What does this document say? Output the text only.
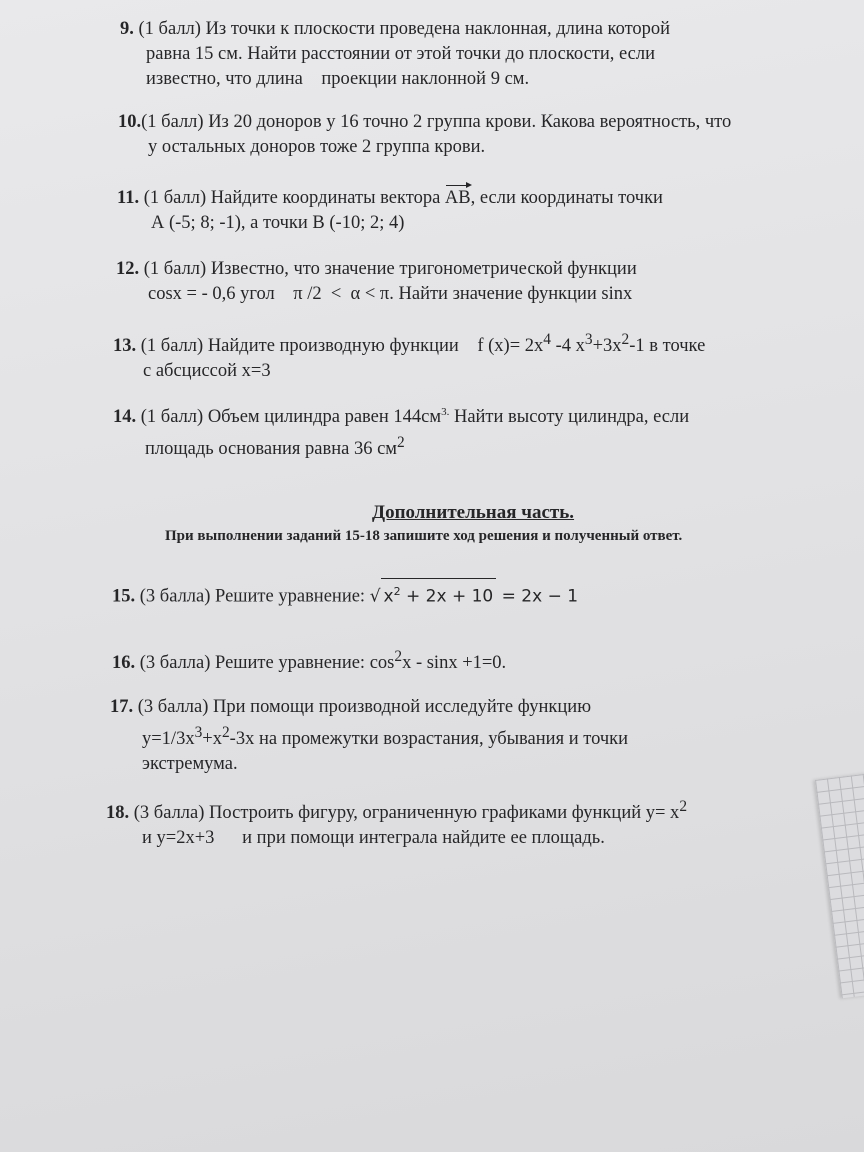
9. (1 балл) Из точки к плоскости проведена наклонная, длина которой
равна 15 см. Найти расстоянии от этой точки до плоскости, если
известно, что длина    проекции наклонной 9 см.
10.(1 балл) Из 20 доноров у 16 точно 2 группа крови. Какова вероятность, что
у остальных доноров тоже 2 группа крови.
11. (1 балл) Найдите координаты вектора AB, если координаты точки
А (-5; 8; -1), а точки В (-10; 2; 4)
12. (1 балл) Известно, что значение тригонометрической функции
cosx = - 0,6 угол    π /2  <  α < π. Найти значение функции sinx
13. (1 балл) Найдите производную функции    f $(x)= 2x^4$ -4 $x^3+3x^2-1$ в точке
с абсциссой х=3
14. (1 балл) Объем цилиндра равен $144см^{3.}$ Найти высоту цилиндра, если
площадь основания равна 36 $см^2$
Дополнительная часть.
При выполнении заданий 15-18 запишите ход решения и полученный ответ.
15. (3 балла) Решите уравнение: √ $x^2 + 2x + 10 = 2x - 1$
16. (3 балла) Решите уравнение: $\cos^2x - \sin x +1=0$.
17. (3 балла) При помощи производной исследуйте функцию
$y=1/3x^3+x^2-3x$ на промежутки возрастания, убывания и точки
экстремума.
18. (3 балла) Построить фигуру, ограниченную графиками функций $y= x^2$
и y=2x+3      и при помощи интеграла найдите ее площадь.
